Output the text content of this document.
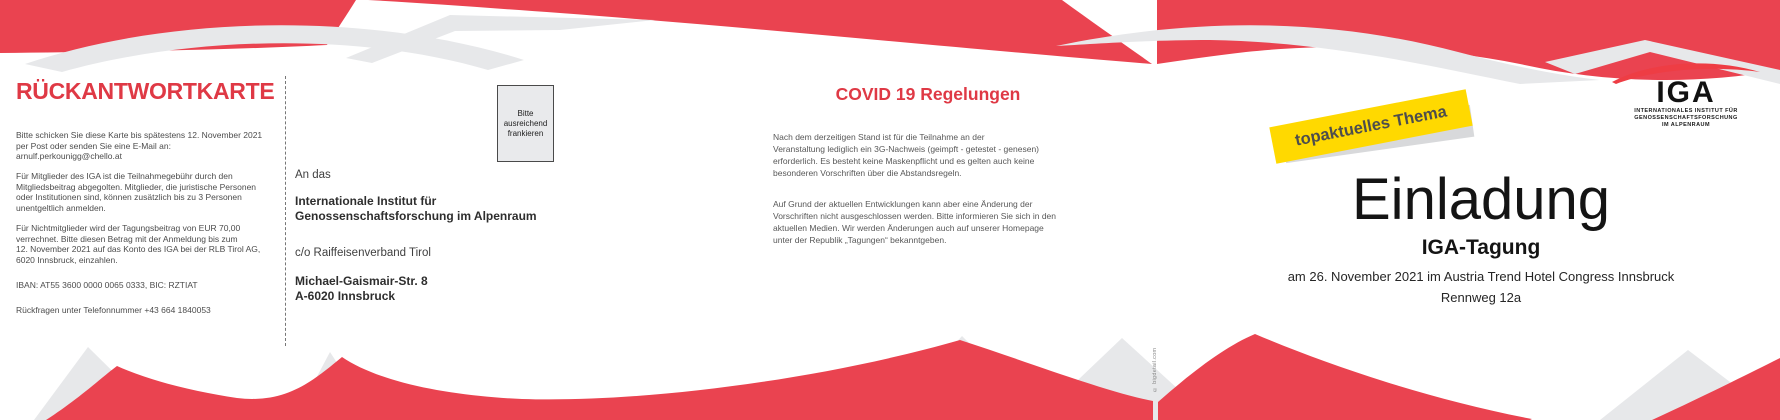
RÜCKANTWORTKARTE
Bitte schicken Sie diese Karte bis spätestens 12. November 2021
per Post oder senden Sie eine E-Mail an:
arnulf.perkounigg@chello.at
Für Mitglieder des IGA ist die Teilnahmegebühr durch den
Mitgliedsbeitrag abgegolten. Mitglieder, die juristische Personen
oder Institutionen sind, können zusätzlich bis zu 3 Personen
unentgeltlich anmelden.
Für Nichtmitglieder wird der Tagungsbeitrag von EUR 70,00
verrechnet. Bitte diesen Betrag mit der Anmeldung bis zum
12. November 2021 auf das Konto des IGA bei der RLB Tirol AG,
6020 Innsbruck, einzahlen.
IBAN: AT55 3600 0000 0065 0333, BIC: RZTIAT
Rückfragen unter Telefonnummer +43 664 1840053
Bitte ausreichend frankieren
An das
Internationale Institut für
Genossenschaftsforschung im Alpenraum
c/o Raiffeisenverband Tirol
Michael-Gaismair-Str. 8
A-6020 Innsbruck
COVID 19 Regelungen
Nach dem derzeitigen Stand ist für die Teilnahme an der
Veranstaltung lediglich ein 3G-Nachweis (geimpft - getestet - genesen)
erforderlich. Es besteht keine Maskenpflicht und es gelten auch keine
besonderen Vorschriften über die Abstandsregeln.
Auf Grund der aktuellen Entwicklungen kann aber eine Änderung der
Vorschriften nicht ausgeschlossen werden. Bitte informieren Sie sich in den
aktuellen Medien. Wir werden Änderungen auch auf unserer Homepage
unter der Republik „Tagungen“ bekanntgeben.
© bigdetail.com
IGA
INTERNATIONALES INSTITUT FÜR
GENOSSENSCHAFTSFORSCHUNG
IM ALPENRAUM
topaktuelles Thema
Einladung
IGA-Tagung
am 26. November 2021 im Austria Trend Hotel Congress Innsbruck
Rennweg 12a
